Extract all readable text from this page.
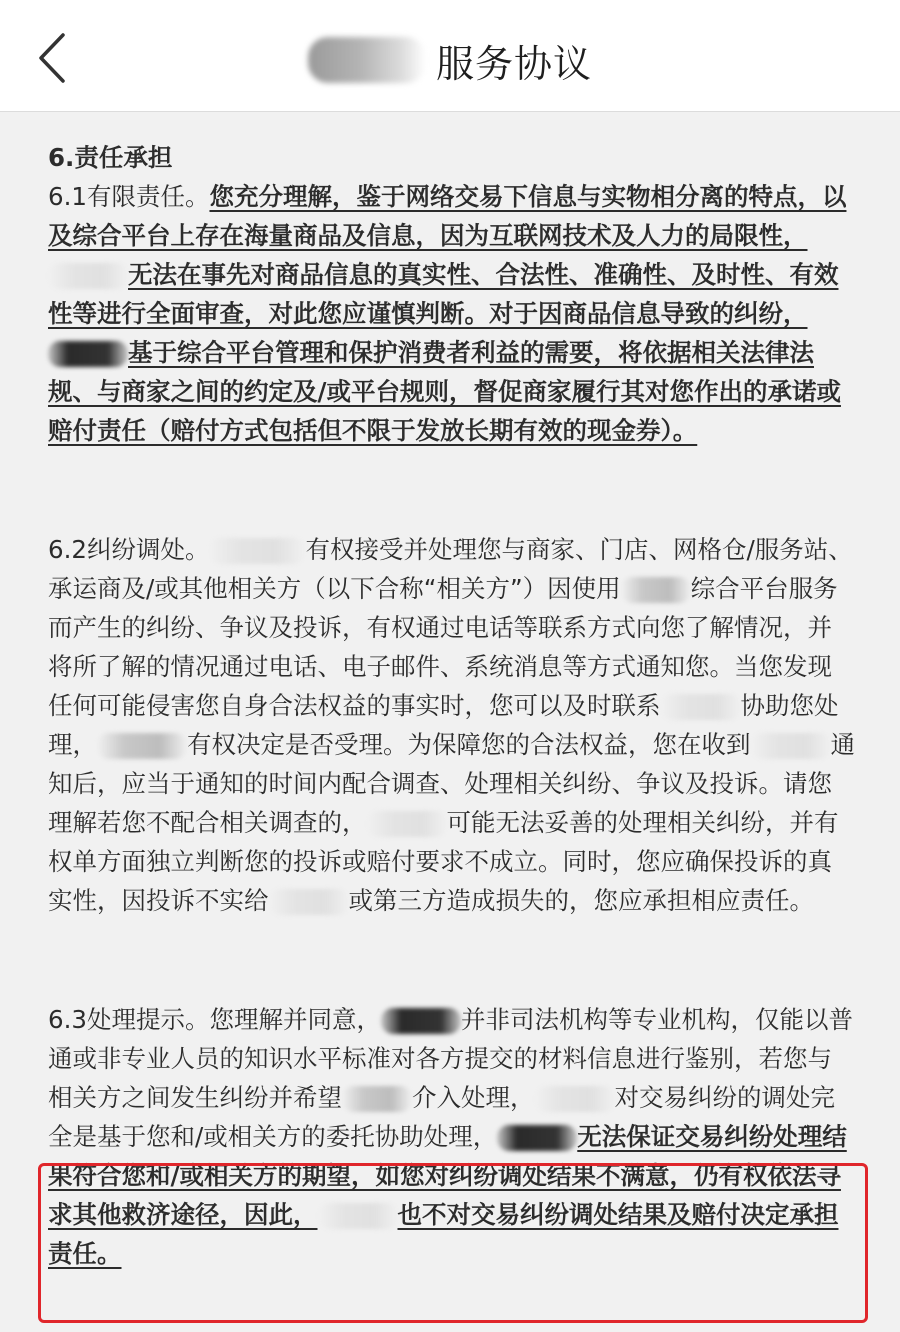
服务协议

6.责任承担

6.1有限责任。您充分理解，鉴于网络交易下信息与实物相分离的特点，以及综合平台上存在海量商品及信息，因为互联网技术及人力的局限性，无法在事先对商品信息的真实性、合法性、准确性、及时性、有效性等进行全面审查，对此您应谨慎判断。对于因商品信息导致的纠纷，基于综合平台管理和保护消费者利益的需要，将依据相关法律法规、与商家之间的约定及/或平台规则，督促商家履行其对您作出的承诺或赔付责任（赔付方式包括但不限于发放长期有效的现金券）。

6.2纠纷调处。	有权接受并处理您与商家、门店、网格仓/服务站、承运商及/或其他相关方（以下合称“相关方”）因使用	综合平台服务而产生的纠纷、争议及投诉，有权通过电话等联系方式向您了解情况，并将所了解的情况通过电话、电子邮件、系统消息等方式通知您。当您发现任何可能侵害您自身合法权益的事实时，您可以及时联系	协助您处理，	有权决定是否受理。为保障您的合法权益，您在收到	通知后，应当于通知的时间内配合调查、处理相关纠纷、争议及投诉。请您理解若您不配合相关调查的，	可能无法妥善的处理相关纠纷，并有权单方面独立判断您的投诉或赔付要求不成立。同时，您应确保投诉的真实性，因投诉不实给	或第三方造成损失的，您应承担相应责任。

6.3处理提示。您理解并同意，	并非司法机构等专业机构，仅能以普通或非专业人员的知识水平标准对各方提交的材料信息进行鉴别，若您与相关方之间发生纠纷并希望	介入处理，	对交易纠纷的调处完全是基于您和/或相关方的委托协助处理，	无法保证交易纠纷处理结果符合您和/或相关方的期望，如您对纠纷调处结果不满意，仍有权依法寻求其他救济途径，因此，	也不对交易纠纷调处结果及赔付决定承担责任。
